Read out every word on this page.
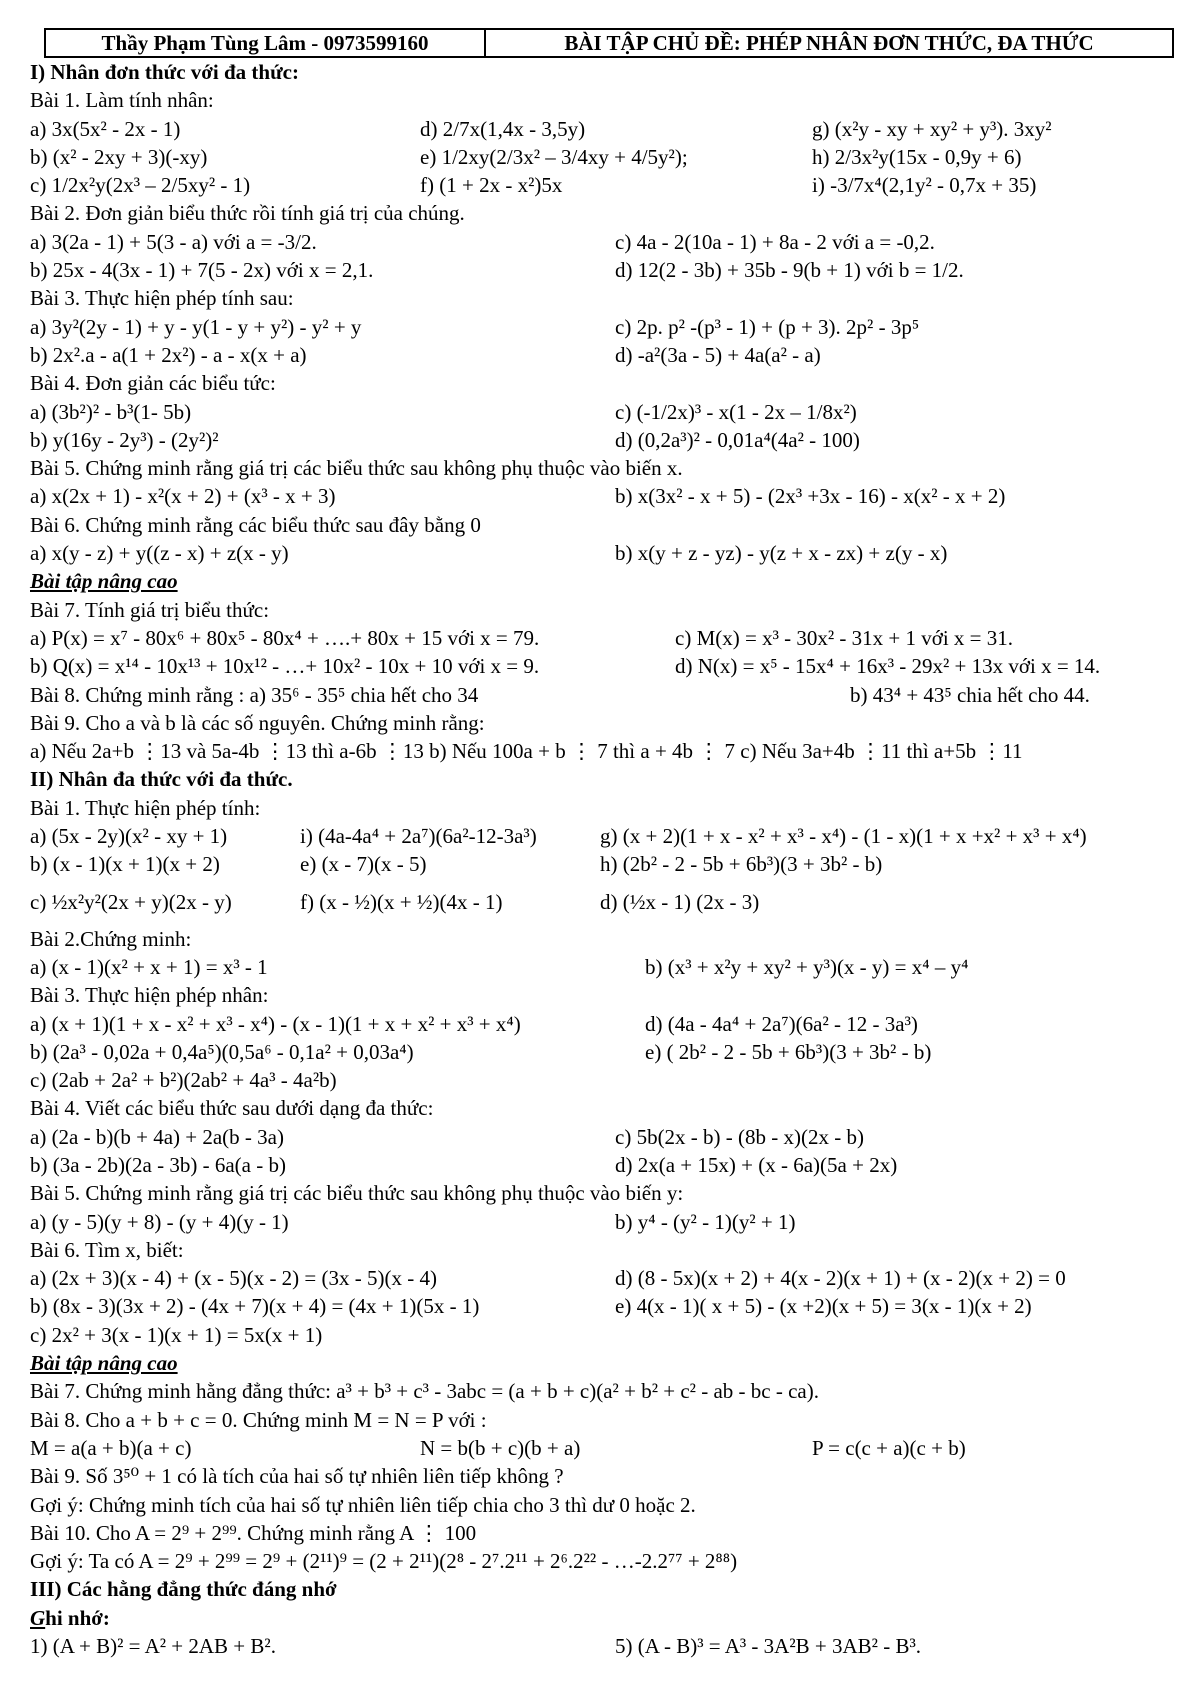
Thầy Phạm Tùng Lâm - 0973599160	BÀI TẬP CHỦ ĐỀ: PHÉP NHÂN ĐƠN THỨC, ĐA THỨC
I) Nhân đơn thức với đa thức:
Bài 1. Làm tính nhân:
a) 3x(5x² - 2x - 1)	d) 2/7x(1,4x - 3,5y)	g) (x²y - xy + xy² + y³). 3xy²
b) (x² - 2xy + 3)(-xy)	e) 1/2xy(2/3x² – 3/4xy + 4/5y²);	h) 2/3x²y(15x - 0,9y + 6)
c) 1/2x²y(2x³ – 2/5xy² - 1)	f) (1 + 2x - x²)5x	i) -3/7x⁴(2,1y² - 0,7x + 35)
Bài 2. Đơn giản biểu thức rồi tính giá trị của chúng.
a) 3(2a - 1) + 5(3 - a) với a = -3/2.	c) 4a - 2(10a - 1) + 8a - 2 với a = -0,2.
b) 25x - 4(3x - 1) + 7(5 - 2x) với x = 2,1.	d) 12(2 - 3b) + 35b - 9(b + 1) với b = 1/2.
Bài 3. Thực hiện phép tính sau:
a) 3y²(2y - 1) + y - y(1 - y + y²) - y² + y	c) 2p. p² -(p³ - 1) + (p + 3). 2p² - 3p⁵
b) 2x².a - a(1 + 2x²) - a - x(x + a)	d) -a²(3a - 5) + 4a(a² - a)
Bài 4. Đơn giản các biểu tức:
a) (3b²)² - b³(1- 5b)	c) (-1/2x)³ - x(1 - 2x – 1/8x²)
b) y(16y - 2y³) - (2y²)²	d) (0,2a³)² - 0,01a⁴(4a² - 100)
Bài 5. Chứng minh rằng giá trị các biểu thức sau không phụ thuộc vào biến x.
a) x(2x + 1) - x²(x + 2) + (x³ - x + 3)	b) x(3x² - x + 5) - (2x³ +3x - 16) - x(x² - x + 2)
Bài 6. Chứng minh rằng các biểu thức sau đây bằng 0
a) x(y - z) + y((z - x) + z(x - y)	b) x(y + z - yz) - y(z + x - zx) + z(y - x)
Bài tập nâng cao
Bài 7. Tính giá trị biểu thức:
a) P(x) = x⁷ - 80x⁶ + 80x⁵ - 80x⁴ + ….+ 80x + 15 với x = 79.	c) M(x) = x³ - 30x² - 31x + 1 với x = 31.
b) Q(x) = x¹⁴ - 10x¹³ + 10x¹² - …+ 10x² - 10x + 10 với x = 9.	d) N(x) = x⁵ - 15x⁴ + 16x³ - 29x² + 13x với x = 14.
Bài 8. Chứng minh rằng : a) 35⁶ - 35⁵ chia hết cho 34	b) 43⁴ + 43⁵ chia hết cho 44.
Bài 9. Cho a và b là các số nguyên. Chứng minh rằng:
a) Nếu 2a+b ⋮13 và 5a-4b ⋮13 thì a-6b ⋮13 b) Nếu 100a + b ⋮ 7 thì a + 4b ⋮ 7 c) Nếu 3a+4b ⋮11 thì a+5b ⋮11
II) Nhân đa thức với đa thức.
Bài 1. Thực hiện phép tính:
a) (5x - 2y)(x² - xy + 1)	i) (4a-4a⁴ + 2a⁷)(6a²-12-3a³)	g) (x + 2)(1 + x - x² + x³ - x⁴) - (1 - x)(1 + x +x² + x³ + x⁴)
b) (x - 1)(x + 1)(x + 2)	e) (x - 7)(x - 5)	h) (2b² - 2 - 5b + 6b³)(3 + 3b² - b)
c) ½x²y²(2x + y)(2x - y)	f) (x - ½)(x + ½)(4x - 1)	d) (½x - 1) (2x - 3)
Bài 2.Chứng minh:
a) (x - 1)(x² + x + 1) = x³ - 1	b) (x³ + x²y + xy² + y³)(x - y) = x⁴ – y⁴
Bài 3. Thực hiện phép nhân:
a) (x + 1)(1 + x - x² + x³ - x⁴) - (x - 1)(1 + x + x² + x³ + x⁴)	d) (4a - 4a⁴ + 2a⁷)(6a² - 12 - 3a³)
b) (2a³ - 0,02a + 0,4a⁵)(0,5a⁶ - 0,1a² + 0,03a⁴)	e) ( 2b² - 2 - 5b + 6b³)(3 + 3b² - b)
c) (2ab + 2a² + b²)(2ab² + 4a³ - 4a²b)
Bài 4. Viết các biểu thức sau dưới dạng đa thức:
a) (2a - b)(b + 4a) + 2a(b - 3a)	c) 5b(2x - b) - (8b - x)(2x - b)
b) (3a - 2b)(2a - 3b) - 6a(a - b)	d) 2x(a + 15x) + (x - 6a)(5a + 2x)
Bài 5. Chứng minh rằng giá trị các biểu thức sau không phụ thuộc vào biến y:
a) (y - 5)(y + 8) - (y + 4)(y - 1)	b) y⁴ - (y² - 1)(y² + 1)
Bài 6. Tìm x, biết:
a) (2x + 3)(x - 4) + (x - 5)(x - 2) = (3x - 5)(x - 4)	d) (8 - 5x)(x + 2) + 4(x - 2)(x + 1) + (x - 2)(x + 2) = 0
b) (8x - 3)(3x + 2) - (4x + 7)(x + 4) = (4x + 1)(5x - 1)	e) 4(x - 1)( x + 5) - (x +2)(x + 5) = 3(x - 1)(x + 2)
c) 2x² + 3(x - 1)(x + 1) = 5x(x + 1)
Bài tập nâng cao
Bài 7. Chứng minh hằng đẳng thức: a³ + b³ + c³ - 3abc = (a + b + c)(a² + b² + c² - ab - bc - ca).
Bài 8. Cho a + b + c = 0. Chứng minh M = N = P với :
M = a(a + b)(a + c)	N = b(b + c)(b + a)	P = c(c + a)(c + b)
Bài 9. Số 3⁵⁰ + 1 có là tích của hai số tự nhiên liên tiếp không ?
Gợi ý: Chứng minh tích của hai số tự nhiên liên tiếp chia cho 3 thì dư 0 hoặc 2.
Bài 10. Cho A = 2⁹ + 2⁹⁹. Chứng minh rằng A ⋮ 100
Gợi ý: Ta có A = 2⁹ + 2⁹⁹ = 2⁹ + (2¹¹)⁹ = (2 + 2¹¹)(2⁸ - 2⁷.2¹¹ + 2⁶.2²² - …-2.2⁷⁷ + 2⁸⁸)
III) Các hằng đẳng thức đáng nhớ
Ghi nhớ:
1) (A + B)² = A² + 2AB + B².	5) (A - B)³ = A³ - 3A²B + 3AB² - B³.
